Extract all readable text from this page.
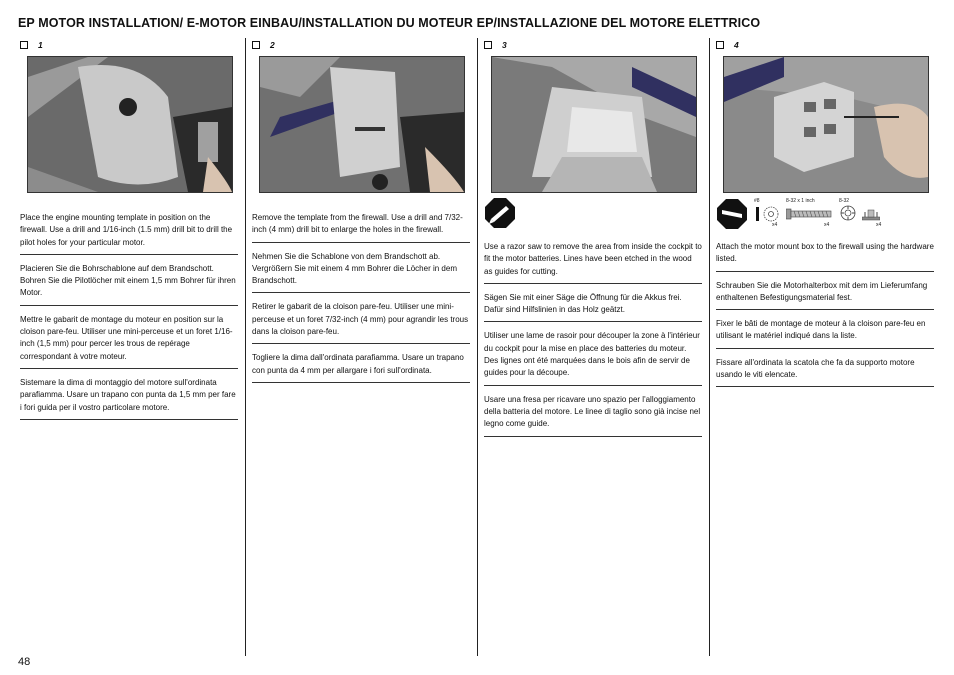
EP MOTOR INSTALLATION/ E-MOTOR EINBAU/INSTALLATION DU MOTEUR EP/INSTALLAZIONE DEL MOTORE ELETTRICO
1	2	3	4
Place the engine mounting template in position on the firewall. Use a drill and 1/16-inch (1.5 mm) drill bit to drill the pilot holes for your particular motor.
Placieren Sie die Bohrschablone auf dem Brandschott. Bohren Sie die Pilotlöcher mit einem 1,5 mm Bohrer für ihren Motor.
Mettre le gabarit de montage du moteur en position sur la cloison pare-feu. Utiliser une mini-perceuse et un foret 1/16-inch (1,5 mm) pour percer les trous de repérage correspondant à votre moteur.
Sistemare la dima di montaggio del motore sull'ordinata parafiamma. Usare un trapano con punta da 1,5 mm per fare i fori guida per il vostro particolare motore.
Remove the template from the firewall. Use a drill and 7/32-inch (4 mm) drill bit to enlarge the holes in the firewall.
Nehmen Sie die Schablone von dem Brandschott ab. Vergrößern Sie mit einem 4 mm Bohrer die Löcher in dem Brandschott.
Retirer le gabarit de la cloison pare-feu. Utiliser une mini-perceuse et un foret 7/32-inch (4 mm) pour agrandir les trous dans la cloison pare-feu.
Togliere la dima dall'ordinata parafiamma. Usare un trapano con punta da 4 mm per allargare i fori sull'ordinata.
Use a razor saw to remove the area from inside the cockpit to fit the motor batteries. Lines have been etched in the wood as guides for cutting.
Sägen Sie mit einer Säge die Öffnung für die Akkus frei. Dafür sind Hilfslinien in das Holz geätzt.
Utiliser une lame de rasoir pour découper la zone à l'intérieur du cockpit pour la mise en place des batteries du moteur. Des lignes ont été marquées dans le bois afin de servir de guides pour la découpe.
Usare una fresa per ricavare uno spazio per l'alloggiamento della batteria del motore. Le linee di taglio sono già incise nel legno come guide.
#8
x4
8-32 x 1 inch
x4
8-32
x4
Attach the motor mount box to the firewall using the hardware listed.
Schrauben Sie die Motorhalterbox mit dem im Lieferumfang enthaltenen Befestigungsmaterial fest.
Fixer le bâti de montage de moteur à la cloison pare-feu en utilisant le matériel indiqué dans la liste.
Fissare all'ordinata la scatola che fa da supporto motore usando le viti elencate.
48
